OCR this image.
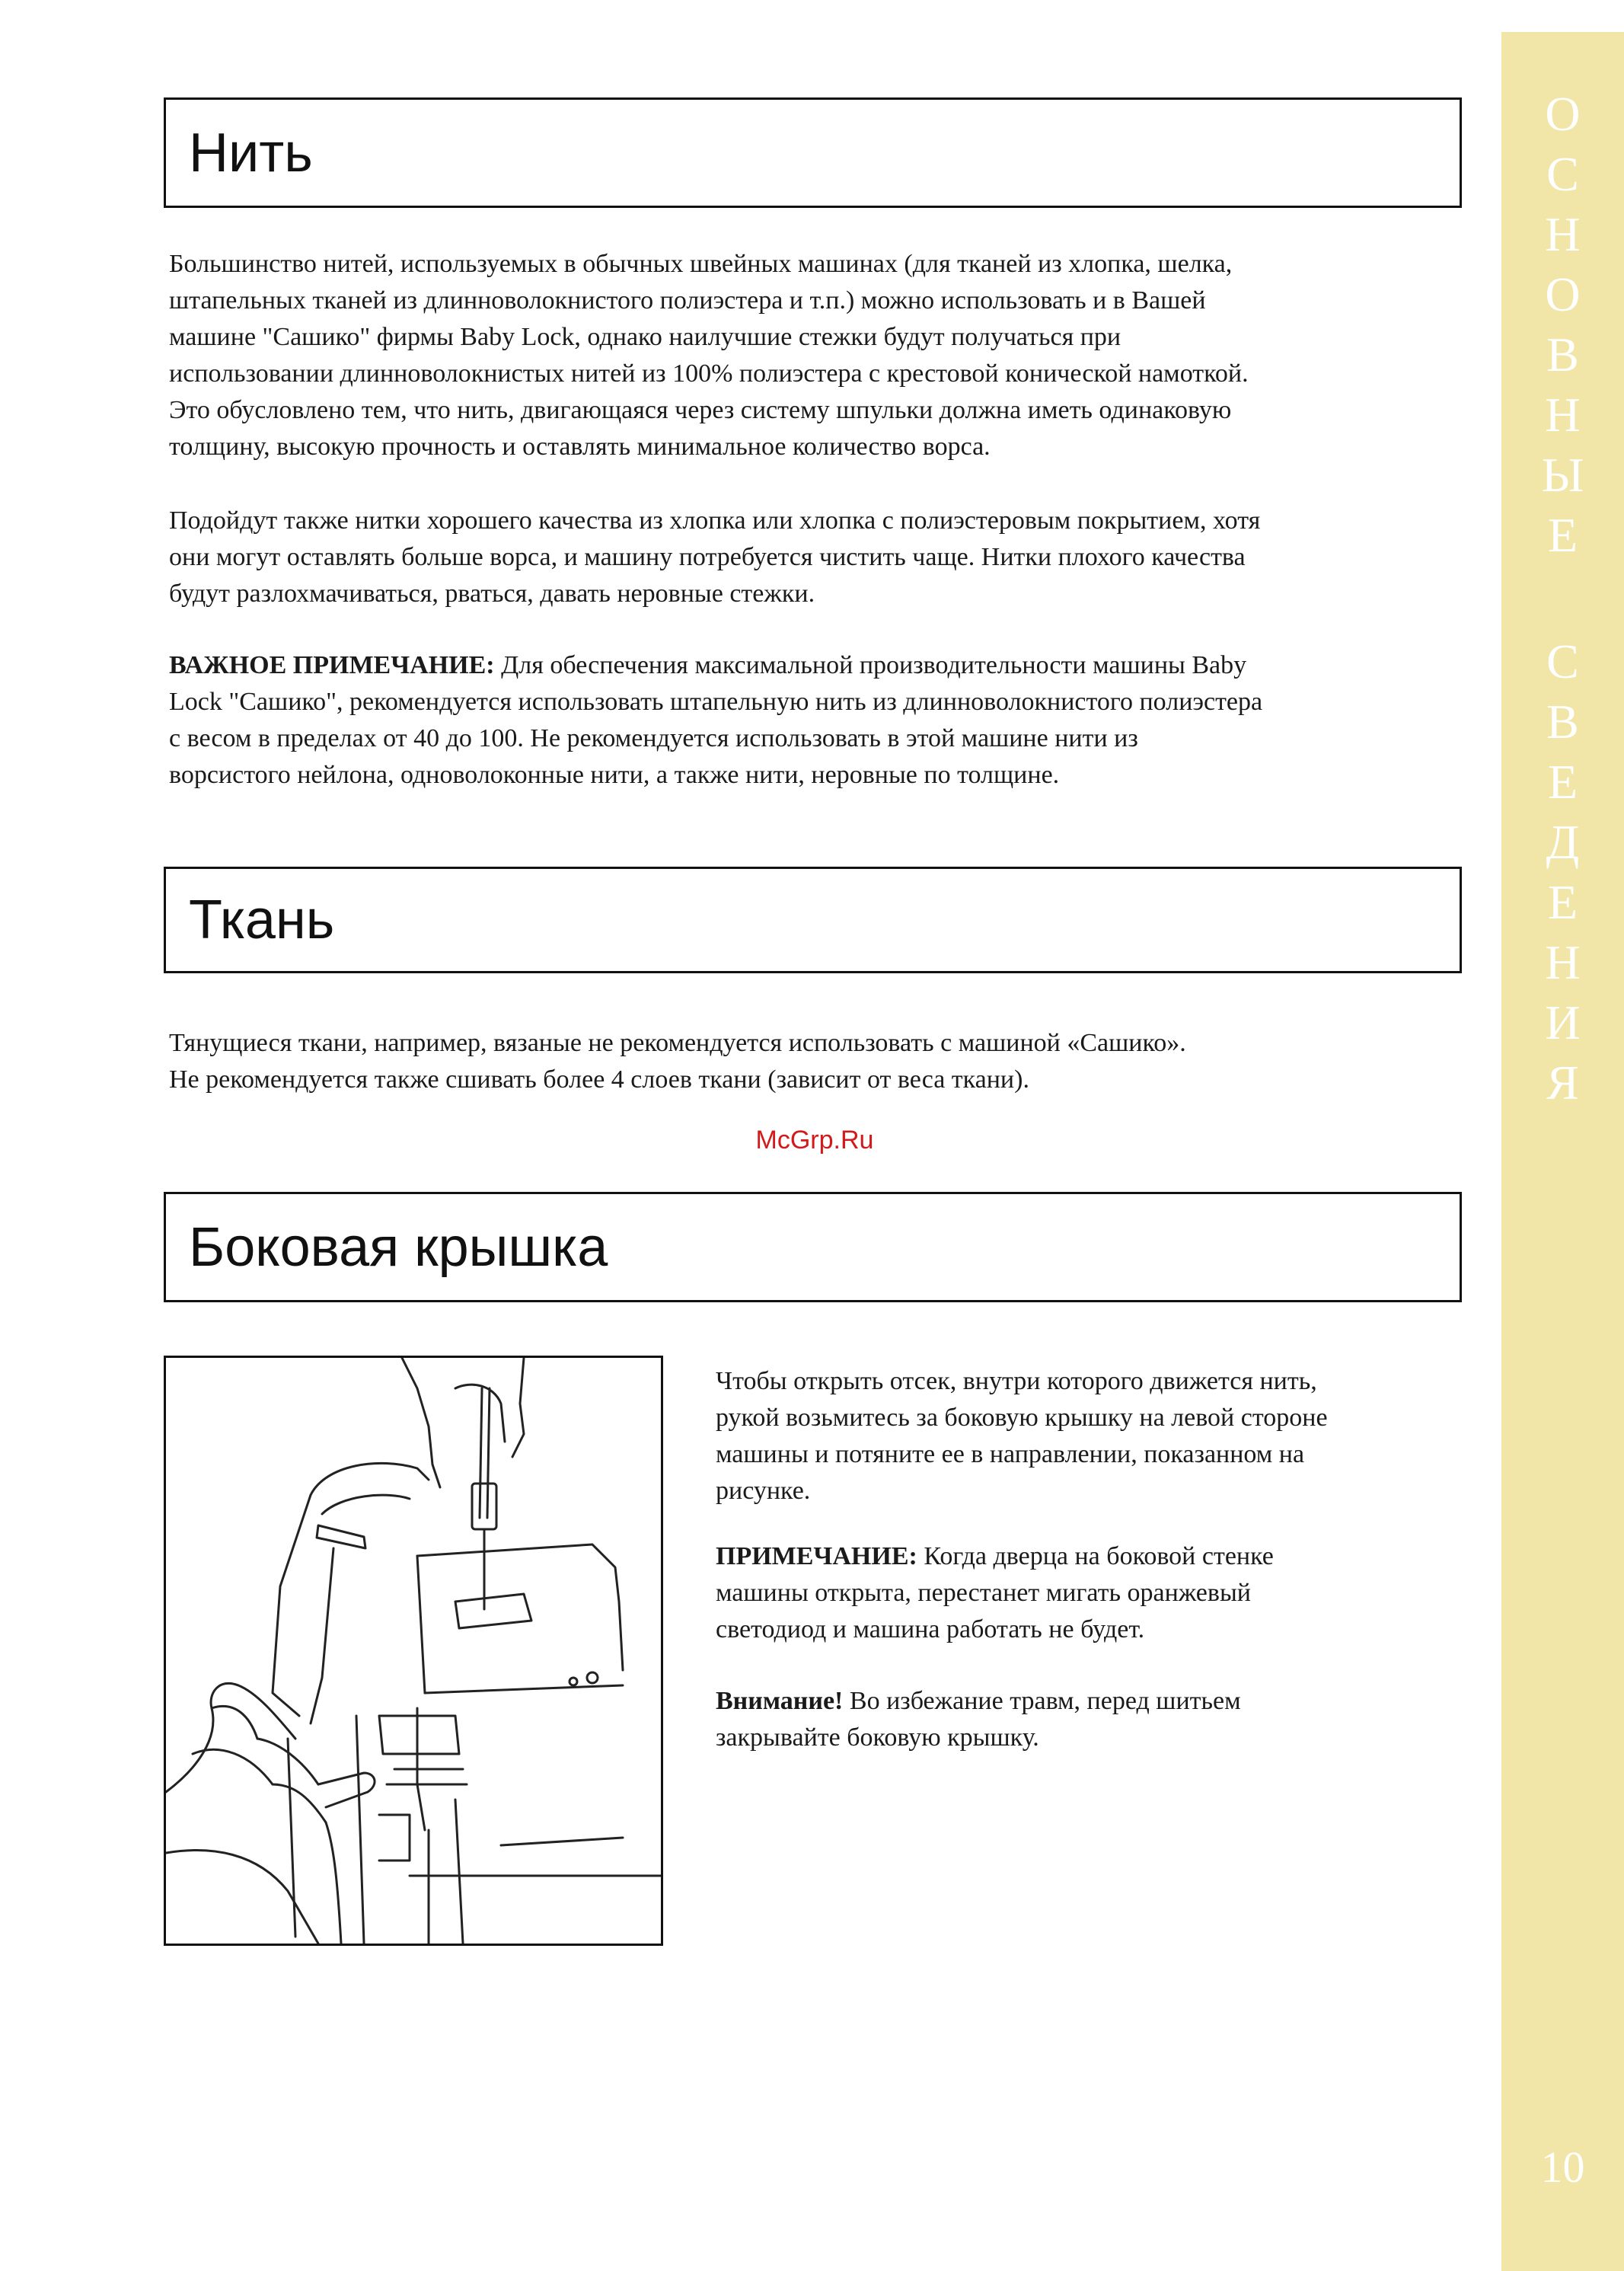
Нить

Большинство нитей, используемых в обычных швейных машинах (для тканей из хлопка, шелка,
штапельных тканей из длинноволокнистого полиэстера и т.п.) можно использовать и в Вашей
машине "Сашико" фирмы Baby Lock, однако наилучшие стежки будут получаться при
использовании длинноволокнистых нитей из 100% полиэстера с крестовой конической намоткой.
Это обусловлено тем, что нить, двигающаяся через систему шпульки должна иметь одинаковую
толщину, высокую прочность и оставлять минимальное количество ворса.

Подойдут также нитки хорошего качества из хлопка или хлопка с полиэстеровым покрытием, хотя
они могут оставлять больше ворса, и машину потребуется чистить чаще. Нитки плохого качества
будут разлохмачиваться, рваться, давать неровные стежки.

ВАЖНОЕ ПРИМЕЧАНИЕ: Для обеспечения максимальной производительности машины Baby
Lock "Сашико", рекомендуется использовать штапельную нить из длинноволокнистого полиэстера
с весом в пределах от 40 до 100. Не рекомендуется использовать в этой машине нити из
ворсистого нейлона, одноволоконные нити, а также нити, неровные по толщине.

Ткань

Тянущиеся ткани, например, вязаные не рекомендуется использовать с машиной «Сашико».
Не рекомендуется также сшивать более 4 слоев ткани (зависит от веса ткани).

McGrp.Ru
Боковая крышка

Чтобы открыть отсек, внутри которого движется нить,
рукой возьмитесь за боковую крышку на левой стороне
машины и потяните ее в направлении, показанном на
рисунке.

ПРИМЕЧАНИЕ: Когда дверца на боковой стенке
машины открыта, перестанет мигать оранжевый
светодиод и машина работать не будет.

Внимание! Во избежание травм, перед шитьем
закрывайте боковую крышку.

О
С
Н
О
В
Н
Ы
Е
С
В
Е
Д
Е
Н
И
Я
10
